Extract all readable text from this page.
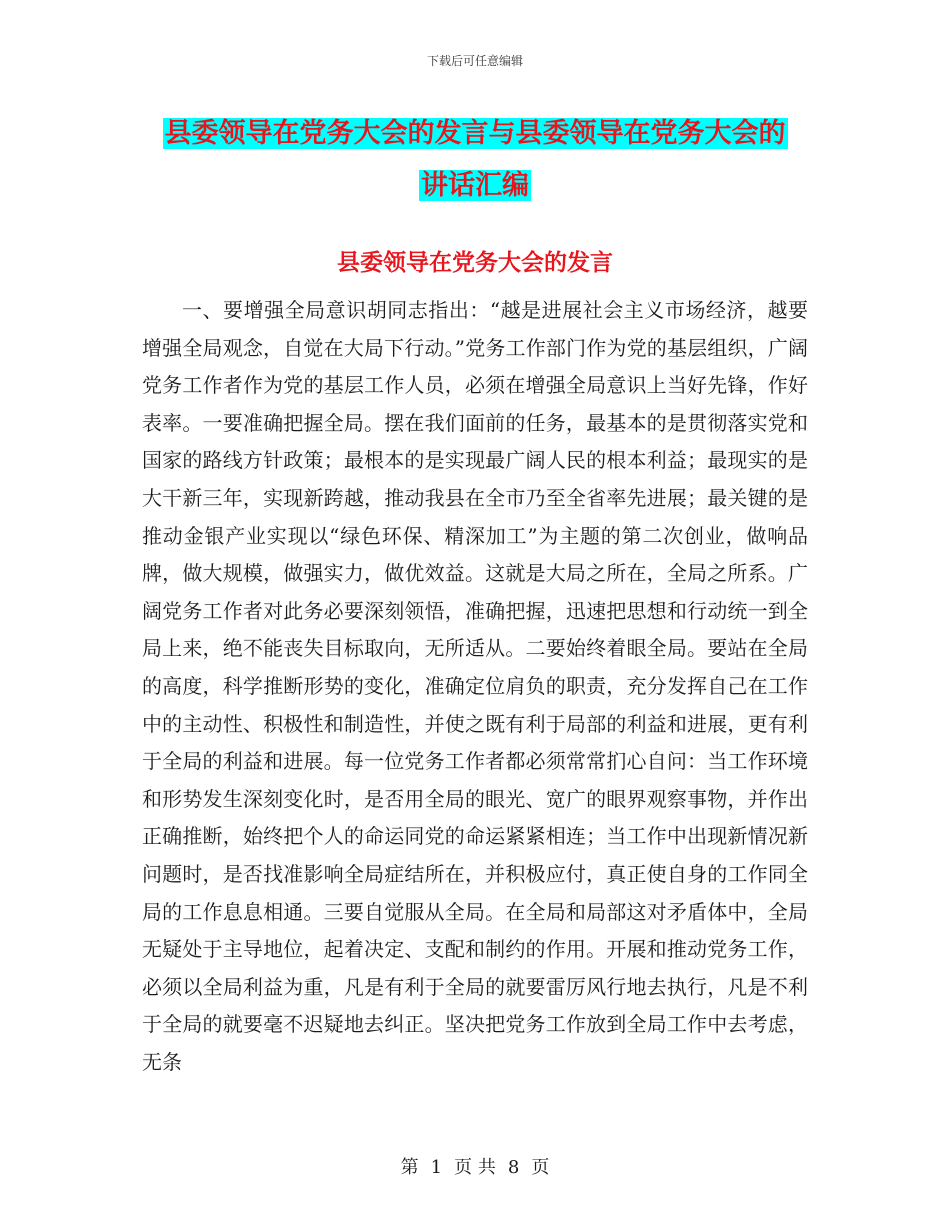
下载后可任意编辑
县委领导在党务大会的发言与县委领导在党务大会的
讲话汇编
县委领导在党务大会的发言

一、要增强全局意识胡同志指出：“越是进展社会主义市场经济，越要增强全局观念，自觉在大局下行动。”党务工作部门作为党的基层组织，广阔党务工作者作为党的基层工作人员，必须在增强全局意识上当好先锋，作好表率。一要准确把握全局。摆在我们面前的任务，最基本的是贯彻落实党和国家的路线方针政策；最根本的是实现最广阔人民的根本利益；最现实的是大干新三年，实现新跨越，推动我县在全市乃至全省率先进展；最关键的是推动金银产业实现以“绿色环保、精深加工”为主题的第二次创业，做响品牌，做大规模，做强实力，做优效益。这就是大局之所在，全局之所系。广阔党务工作者对此务必要深刻领悟，准确把握，迅速把思想和行动统一到全局上来，绝不能丧失目标取向，无所适从。二要始终着眼全局。要站在全局的高度，科学推断形势的变化，准确定位肩负的职责，充分发挥自己在工作中的主动性、积极性和制造性，并使之既有利于局部的利益和进展，更有利于全局的利益和进展。每一位党务工作者都必须常常扪心自问：当工作环境和形势发生深刻变化时，是否用全局的眼光、宽广的眼界观察事物，并作出正确推断，始终把个人的命运同党的命运紧紧相连；当工作中出现新情况新问题时，是否找准影响全局症结所在，并积极应付，真正使自身的工作同全局的工作息息相通。三要自觉服从全局。在全局和局部这对矛盾体中，全局无疑处于主导地位，起着决定、支配和制约的作用。开展和推动党务工作，必须以全局利益为重，凡是有利于全局的就要雷厉风行地去执行，凡是不利于全局的就要毫不迟疑地去纠正。坚决把党务工作放到全局工作中去考虑，无条

第 1 页 共 8 页
